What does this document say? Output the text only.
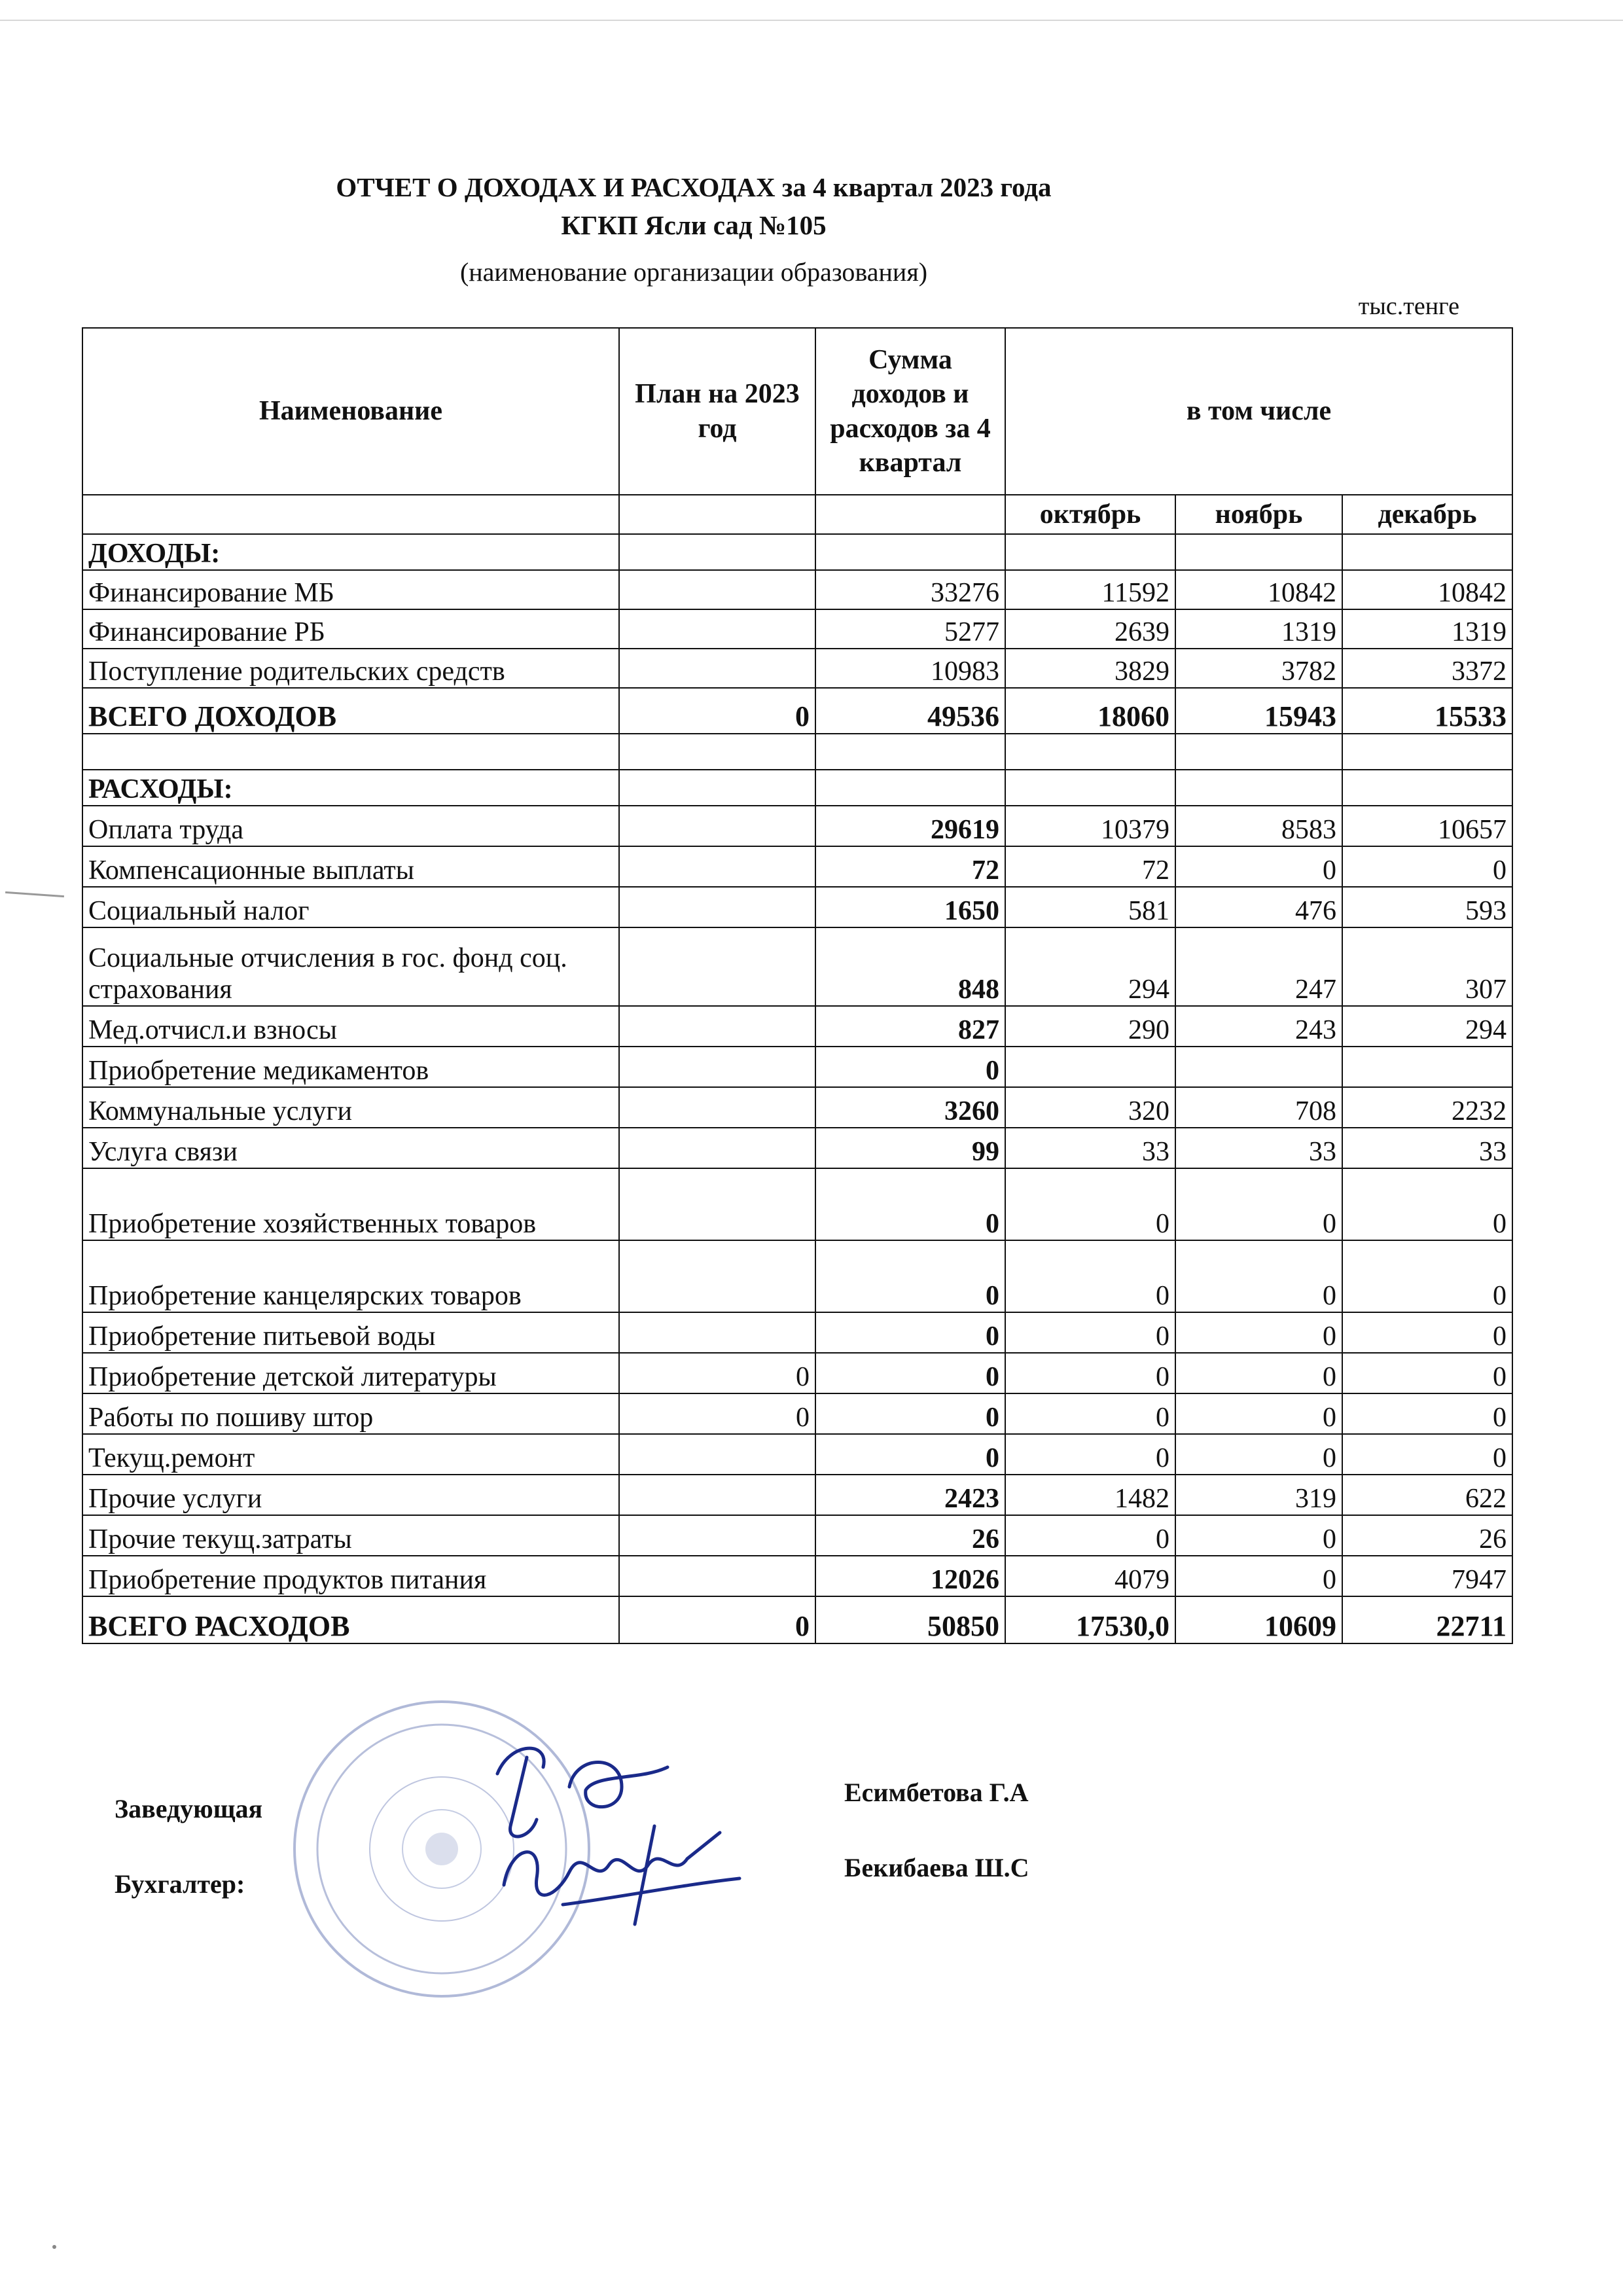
ОТЧЕТ О ДОХОДАХ И РАСХОДАХ за 4 квартал 2023 года
КГКП Ясли сад №105
(наименование организации образования)
тыс.тенге
Наименование	План на 2023 год	Сумма доходов и расходов за 4 квартал	в том числе		
			октябрь	ноябрь	декабрь
ДОХОДЫ:					
Финансирование МБ		33276	11592	10842	10842
Финансирование РБ		5277	2639	1319	1319
Поступление родительских средств		10983	3829	3782	3372
ВСЕГО ДОХОДОВ	0	49536	18060	15943	15533

РАСХОДЫ:					
Оплата труда		29619	10379	8583	10657
Компенсационные выплаты		72	72	0	0
Социальный налог		1650	581	476	593
Социальные отчисления в гос. фонд соц. страхования		848	294	247	307
Мед.отчисл.и взносы		827	290	243	294
Приобретение медикаментов		0			
Коммунальные услуги		3260	320	708	2232
Услуга связи		99	33	33	33
Приобретение хозяйственных товаров		0	0	0	0
Приобретение канцелярских товаров		0	0	0	0
Приобретение питьевой воды		0	0	0	0
Приобретение детской литературы	0	0	0	0	0
Работы по пошиву штор	0	0	0	0	0
Текущ.ремонт		0	0	0	0
Прочие услуги		2423	1482	319	622
Прочие текущ.затраты		26	0	0	26
Приобретение продуктов питания		12026	4079	0	7947
ВСЕГО РАСХОДОВ	0	50850	17530,0	10609	22711
Заведующая
Есимбетова Г.А
Бухгалтер:
Бекибаева Ш.С
